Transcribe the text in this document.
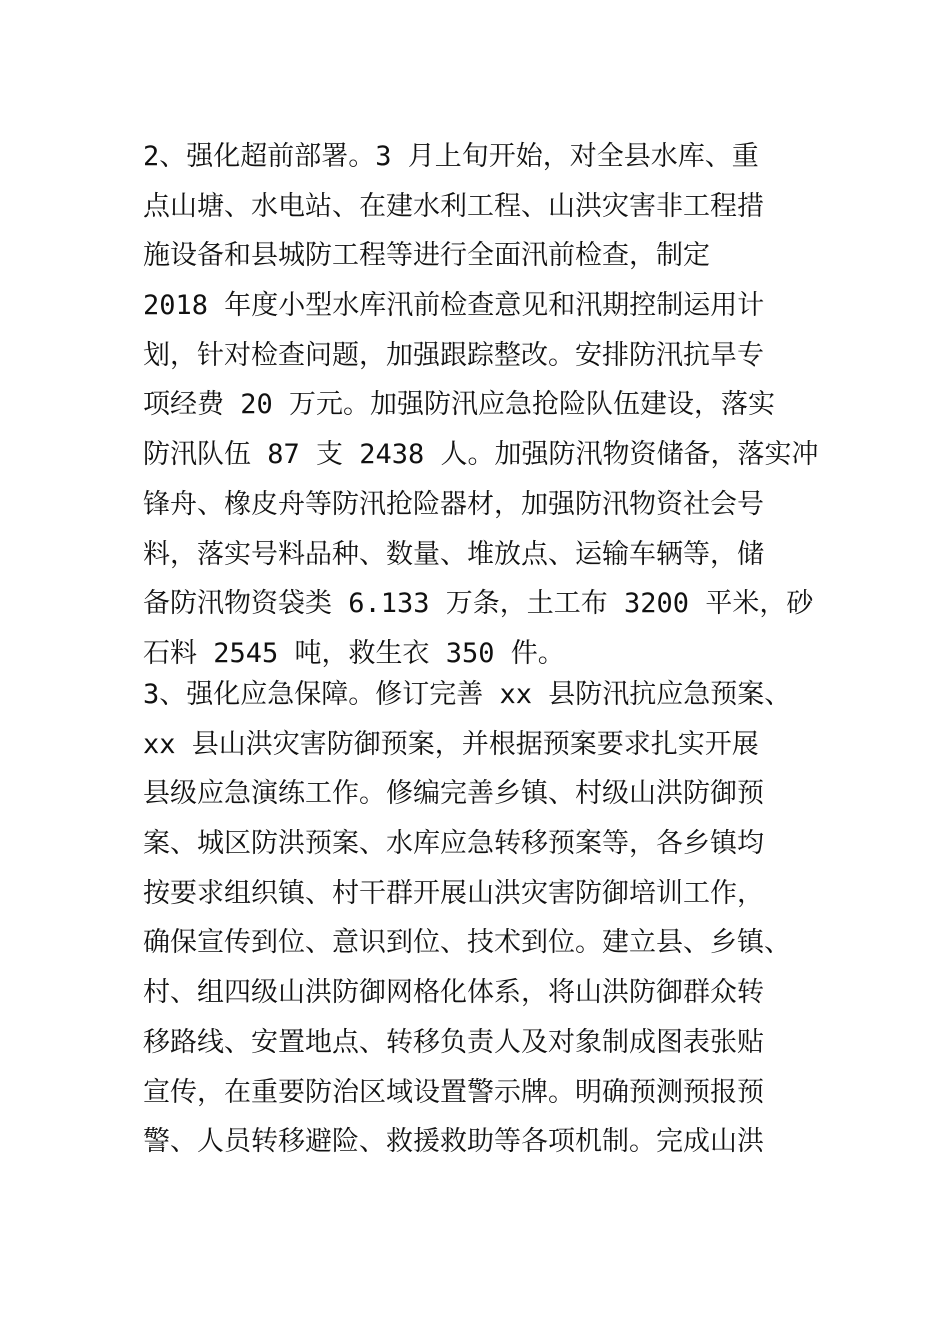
2、强化超前部署。3 月上旬开始，对全县水库、重
点山塘、水电站、在建水利工程、山洪灾害非工程措
施设备和县城防工程等进行全面汛前检查，制定
2018 年度小型水库汛前检查意见和汛期控制运用计
划，针对检查问题，加强跟踪整改。安排防汛抗旱专
项经费 20 万元。加强防汛应急抢险队伍建设，落实
防汛队伍 87 支 2438 人。加强防汛物资储备，落实冲
锋舟、橡皮舟等防汛抢险器材，加强防汛物资社会号
料，落实号料品种、数量、堆放点、运输车辆等，储
备防汛物资袋类 6.133 万条，土工布 3200 平米，砂
石料 2545 吨，救生衣 350 件。
3、强化应急保障。修订完善 xx 县防汛抗应急预案、
xx 县山洪灾害防御预案，并根据预案要求扎实开展
县级应急演练工作。修编完善乡镇、村级山洪防御预
案、城区防洪预案、水库应急转移预案等，各乡镇均
按要求组织镇、村干群开展山洪灾害防御培训工作，
确保宣传到位、意识到位、技术到位。建立县、乡镇、
村、组四级山洪防御网格化体系，将山洪防御群众转
移路线、安置地点、转移负责人及对象制成图表张贴
宣传，在重要防治区域设置警示牌。明确预测预报预
警、人员转移避险、救援救助等各项机制。完成山洪
